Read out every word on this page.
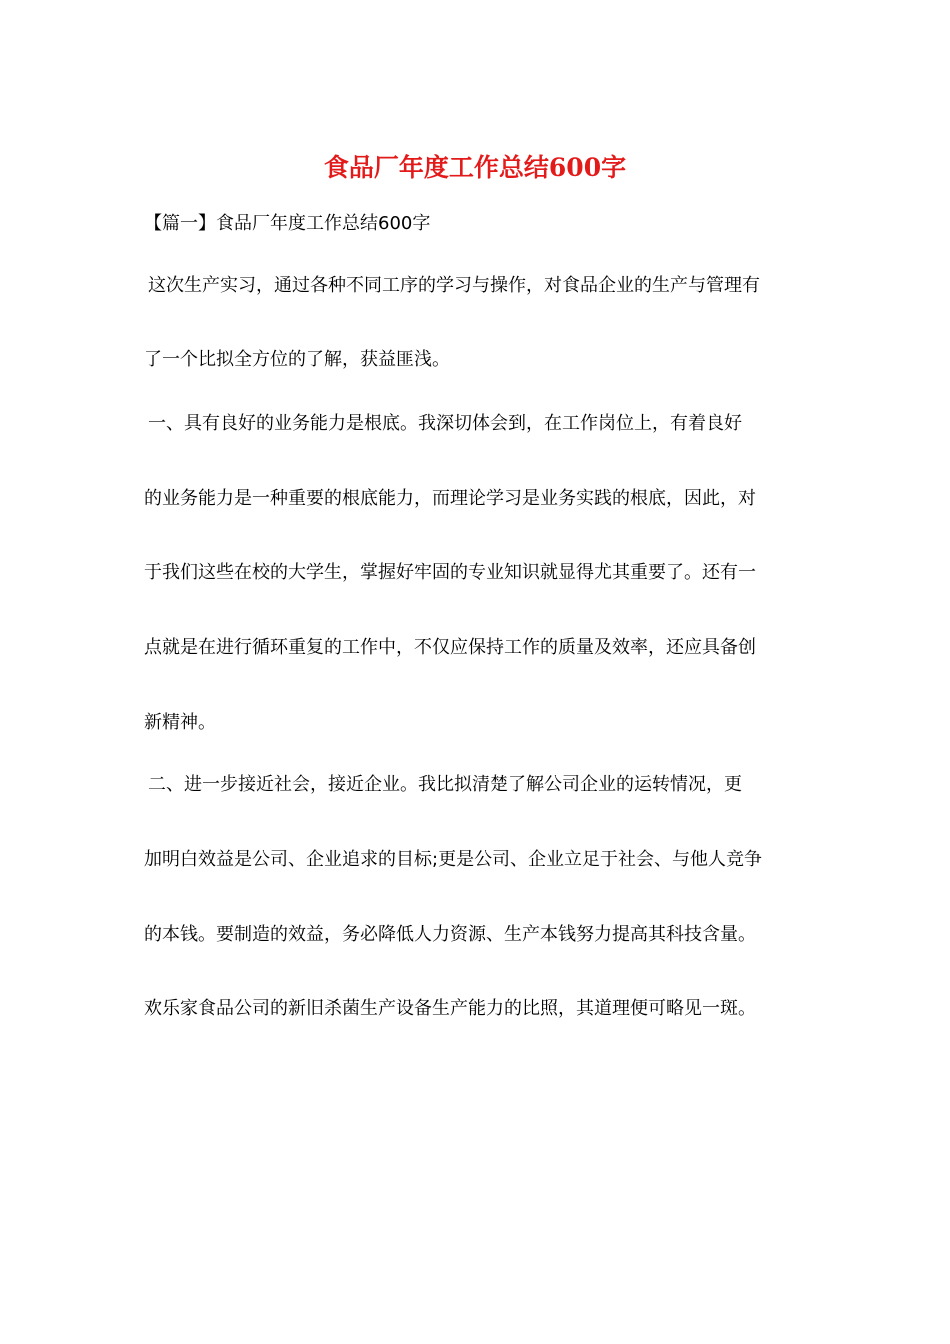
食品厂年度工作总结600字

【篇一】食品厂年度工作总结600字

这次生产实习，通过各种不同工序的学习与操作，对食品企业的生产与管理有

了一个比拟全方位的了解，获益匪浅。

一、具有良好的业务能力是根底。我深切体会到，在工作岗位上，有着良好

的业务能力是一种重要的根底能力，而理论学习是业务实践的根底，因此，对

于我们这些在校的大学生，掌握好牢固的专业知识就显得尤其重要了。还有一

点就是在进行循环重复的工作中，不仅应保持工作的质量及效率，还应具备创

新精神。

二、进一步接近社会，接近企业。我比拟清楚了解公司企业的运转情况，更

加明白效益是公司、企业追求的目标;更是公司、企业立足于社会、与他人竞争

的本钱。要制造的效益，务必降低人力资源、生产本钱努力提高其科技含量。

欢乐家食品公司的新旧杀菌生产设备生产能力的比照，其道理便可略见一斑。
